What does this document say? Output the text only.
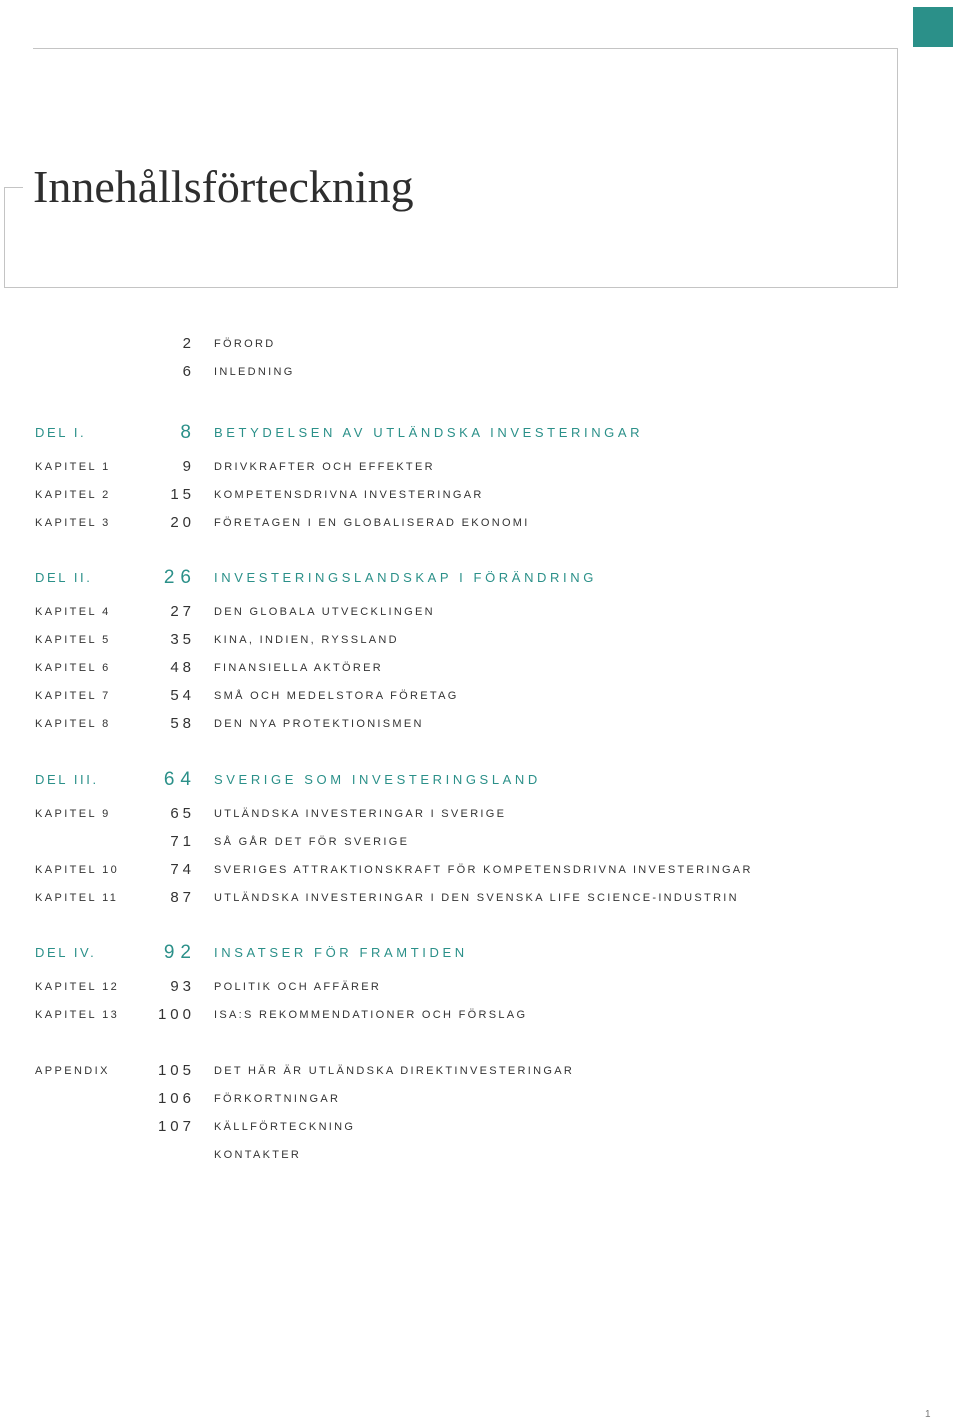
Innehållsförteckning
2 FÖRORD
6 INLEDNING
DEL I.	8 BETYDELSEN AV UTLÄNDSKA INVESTERINGAR
KAPITEL 1	9 DRIVKRAFTER OCH EFFEKTER
KAPITEL 2	15 KOMPETENSDRIVNA INVESTERINGAR
KAPITEL 3	20 FÖRETAGEN I EN GLOBALISERAD EKONOMI
DEL II.	26 INVESTERINGSLANDSKAP I FÖRÄNDRING
KAPITEL 4	27 DEN GLOBALA UTVECKLINGEN
KAPITEL 5	35 KINA, INDIEN, RYSSLAND
KAPITEL 6	48 FINANSIELLA AKTÖRER
KAPITEL 7	54 SMÅ OCH MEDELSTORA FÖRETAG
KAPITEL 8	58 DEN NYA PROTEKTIONISMEN
DEL III.	64 SVERIGE SOM INVESTERINGSLAND
KAPITEL 9	65 UTLÄNDSKA INVESTERINGAR I SVERIGE
71 SÅ GÅR DET FÖR SVERIGE
KAPITEL 10	74 SVERIGES ATTRAKTIONSKRAFT FÖR KOMPETENSDRIVNA INVESTERINGAR
KAPITEL 11	87 UTLÄNDSKA INVESTERINGAR I DEN SVENSKA LIFE SCIENCE-INDUSTRIN
DEL IV.	92 INSATSER FÖR FRAMTIDEN
KAPITEL 12	93 POLITIK OCH AFFÄRER
KAPITEL 13	100 ISA:S REKOMMENDATIONER OCH FÖRSLAG
APPENDIX	105 DET HÄR ÄR UTLÄNDSKA DIREKTINVESTERINGAR
106 FÖRKORTNINGAR
107 KÄLLFÖRTECKNING
KONTAKTER
1
